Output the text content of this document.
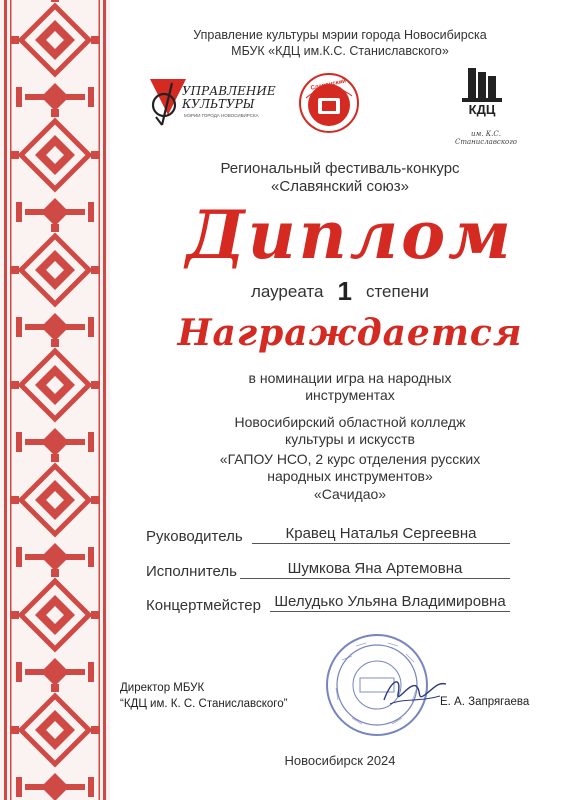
Управление культуры мэрии города Новосибирска
МБУК «КДЦ им.К.С. Станиславского»
УПРАВЛЕНИЕ КУЛЬТУРЫ
МЭРИИ ГОРОДА НОВОСИБИРСКА
Славянский союз
КДЦ
им. К.С. Станиславского
Региональный фестиваль-конкурс
«Славянский союз»
Диплом
лауреата 1 степени
Награждается
в номинации игра на народных
инструментах
Новосибирский областной колледж
культуры и искусств
«ГАПОУ НСО, 2 курс отделения русских
народных инструментов»
«Сачидао»
Руководитель	Кравец Наталья Сергеевна
Исполнитель	Шумкова Яна Артемовна
Концертмейстер Шелудько Ульяна Владимировна
Директор МБУК
“КДЦ им. К. С. Станиславского”	Е. А. Запрягаева
Новосибирск 2024
